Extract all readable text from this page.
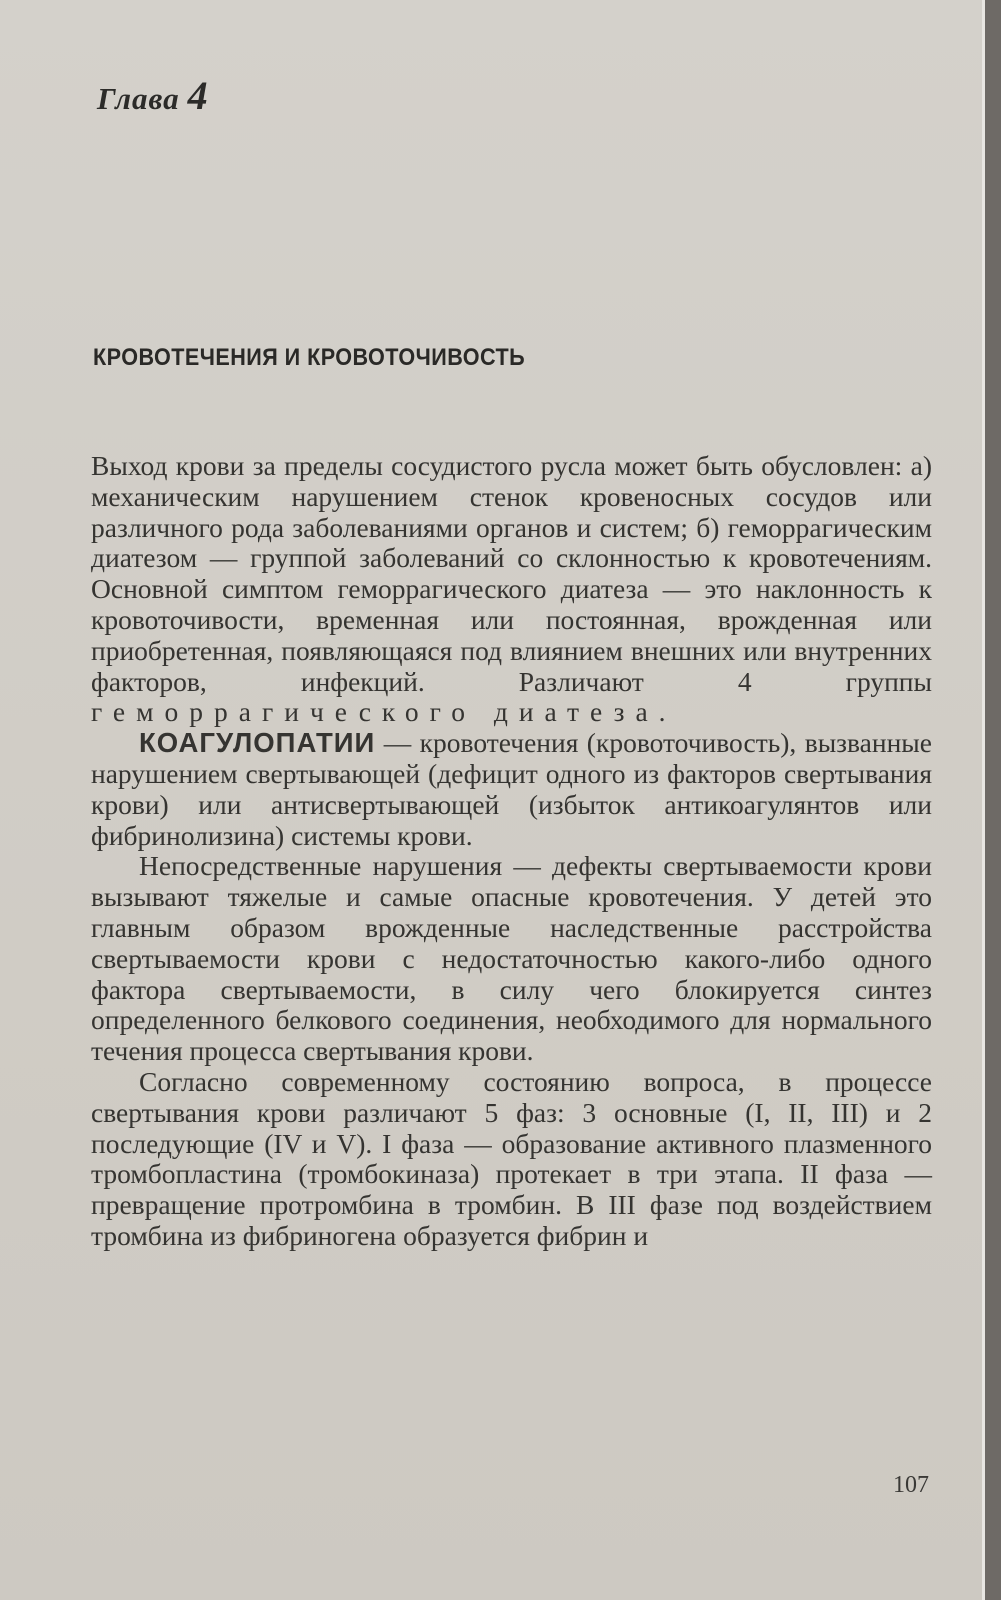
Глава 4
КРОВОТЕЧЕНИЯ И КРОВОТОЧИВОСТЬ

Выход крови за пределы сосудистого русла может быть обусловлен: а) механическим нарушением стенок кровеносных сосудов или различного рода заболеваниями органов и систем; б) геморрагическим диатезом — группой заболеваний со склонностью к кровотечениям. Основной симптом геморрагического диатеза — это наклонность к кровоточивости, временная или постоянная, врожденная или приобретенная, появляющаяся под влиянием внешних или внутренних факторов, инфекций. Различают 4 группы геморрагического диатеза.

КОАГУЛОПАТИИ — кровотечения (кровоточивость), вызванные нарушением свертывающей (дефицит одного из факторов свертывания крови) или антисвертывающей (избыток антикоагулянтов или фибринолизина) системы крови.

Непосредственные нарушения — дефекты свертываемости крови вызывают тяжелые и самые опасные кровотечения. У детей это главным образом врожденные наследственные расстройства свертываемости крови с недостаточностью какого-либо одного фактора свертываемости, в силу чего блокируется синтез определенного белкового соединения, необходимого для нормального течения процесса свертывания крови.

Согласно современному состоянию вопроса, в процессе свертывания крови различают 5 фаз: 3 основные (I, II, III) и 2 последующие (IV и V). I фаза — образование активного плазменного тромбопластина (тромбокиназа) протекает в три этапа. II фаза — превращение протромбина в тромбин. В III фазе под воздействием тромбина из фибриногена образуется фибрин и

107
